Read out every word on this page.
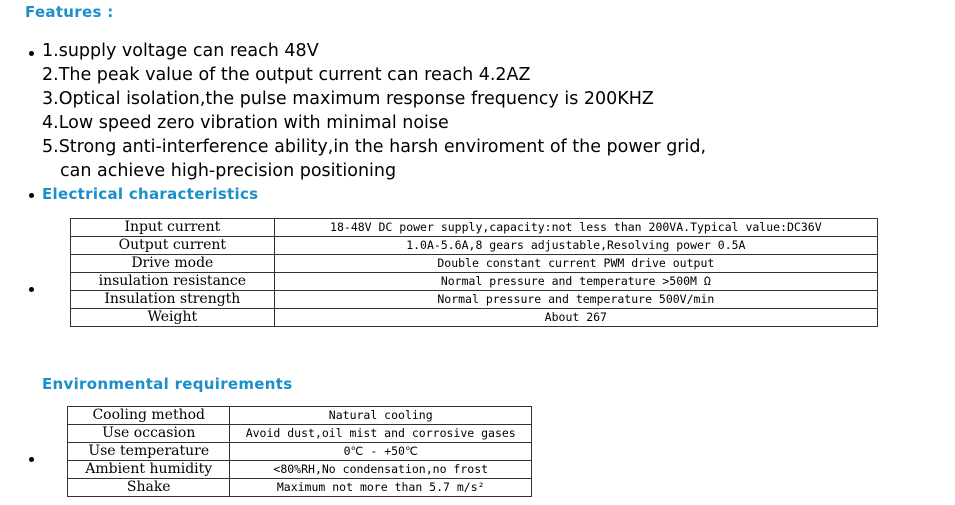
Features :
1.supply voltage can reach 48V
2.The peak value of the output current can reach 4.2AZ
3.Optical isolation,the pulse maximum response frequency is 200KHZ
4.Low speed zero vibration with minimal noise
5.Strong anti-interference ability,in the harsh enviroment of the power grid,
can achieve high-precision positioning
Electrical characteristics
Input current	18-48V DC power supply,capacity:not less than 200VA.Typical value:DC36V
Output current	1.0A-5.6A,8 gears adjustable,Resolving power 0.5A
Drive mode	Double constant current PWM drive output
insulation resistance	Normal pressure and temperature >500M Ω
Insulation strength	Normal pressure and temperature 500V/min
Weight	About 267
Environmental requirements
Cooling method	Natural cooling
Use occasion	Avoid dust,oil mist and corrosive gases
Use temperature	0℃ - +50℃
Ambient humidity	<80%RH,No condensation,no frost
Shake	Maximum not more than 5.7 m/s²
